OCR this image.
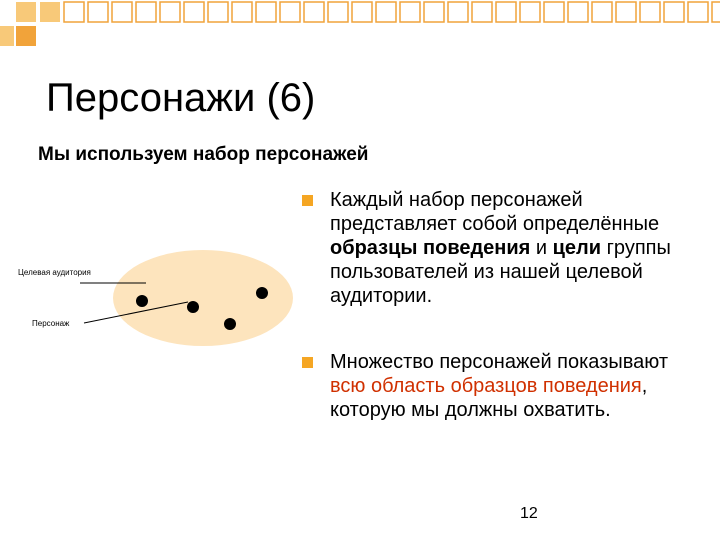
Персонажи (6)
Мы используем набор персонажей
Целевая аудитория
Персонаж
Каждый набор персонажей представляет собой определённые образцы поведения и цели группы пользователей из нашей целевой аудитории.
Множество персонажей показывают всю область образцов поведения, которую мы должны охватить.
12
